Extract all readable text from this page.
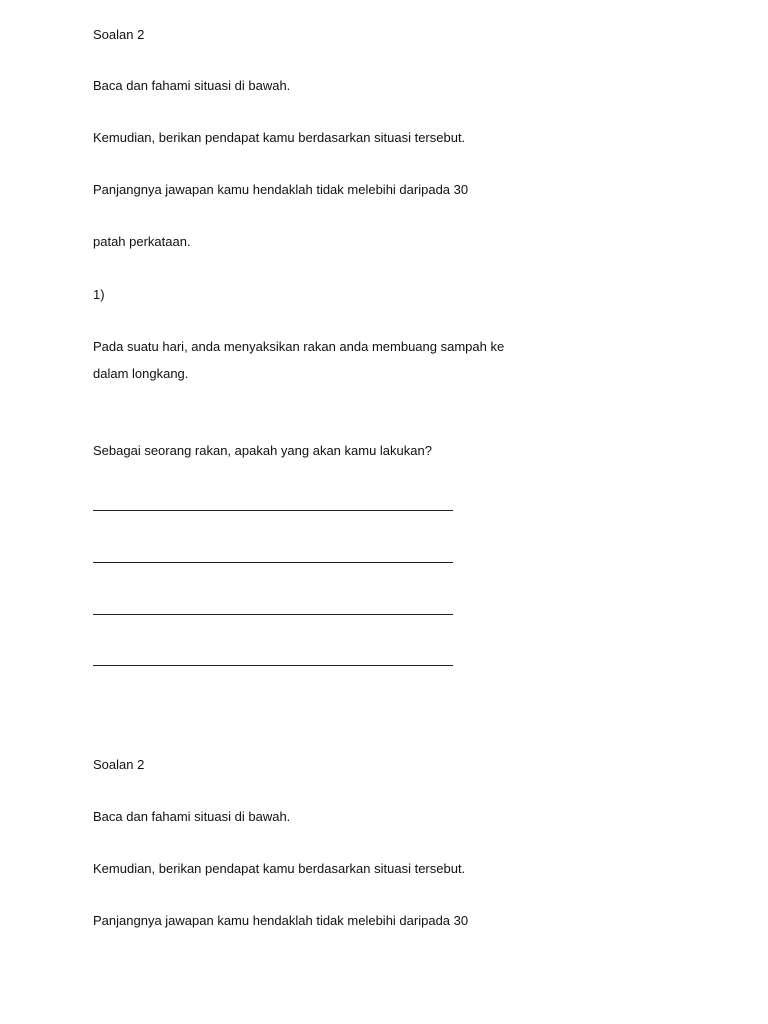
Soalan 2
Baca dan fahami situasi di bawah.
Kemudian, berikan pendapat kamu berdasarkan situasi tersebut.
Panjangnya jawapan kamu hendaklah tidak melebihi daripada 30
patah perkataan.
1)
Pada suatu hari, anda menyaksikan rakan anda membuang sampah ke
dalam longkang.
Sebagai seorang rakan, apakah yang akan kamu lakukan?
Soalan 2
Baca dan fahami situasi di bawah.
Kemudian, berikan pendapat kamu berdasarkan situasi tersebut.
Panjangnya jawapan kamu hendaklah tidak melebihi daripada 30
